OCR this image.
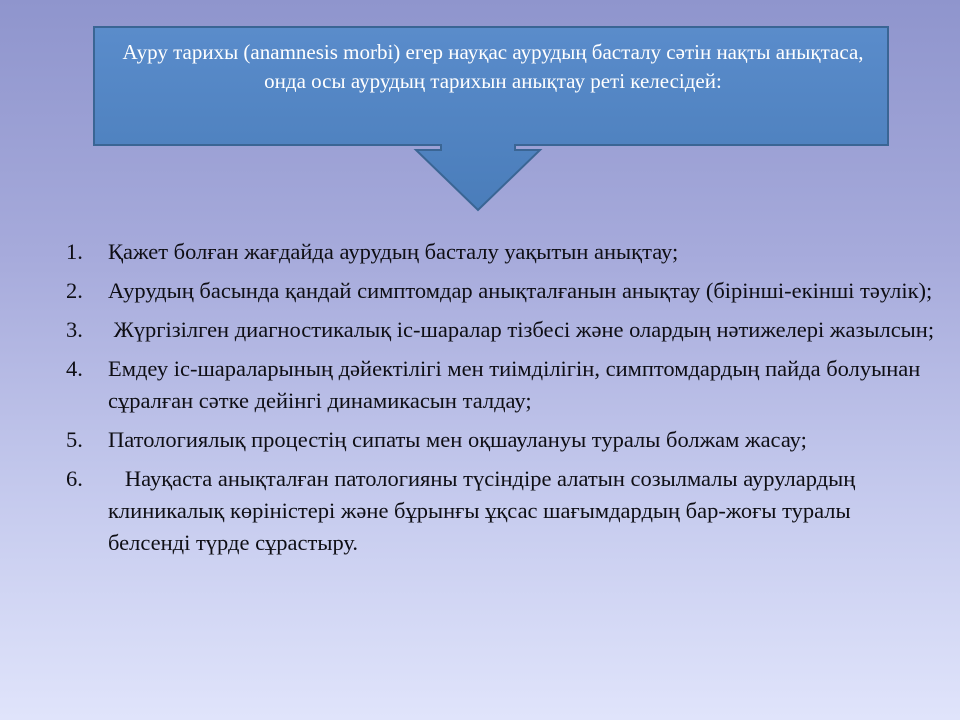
Ауру тарихы (anamnesis morbi) егер науқас аурудың басталу сәтін нақты анықтаса, онда осы аурудың тарихын анықтау реті келесідей:
1.	Қажет болған жағдайда аурудың басталу уақытын анықтау;
2.	Аурудың басында қандай симптомдар анықталғанын анықтау (бірінші-екінші тәулік);
3.	Жүргізілген диагностикалық іс-шаралар тізбесі және олардың нәтижелері жазылсын;
4.	Емдеу іс-шараларының дәйектілігі мен тиімділігін, симптомдардың пайда болуынан сұралған сәтке дейінгі динамикасын талдау;
5.	Патологиялық процестің сипаты мен оқшаулануы туралы болжам жасау;
6.	Науқаста анықталған патологияны түсіндіре алатын созылмалы аурулардың клиникалық көріністері және бұрынғы ұқсас шағымдардың бар-жоғы туралы белсенді түрде сұрастыру.
